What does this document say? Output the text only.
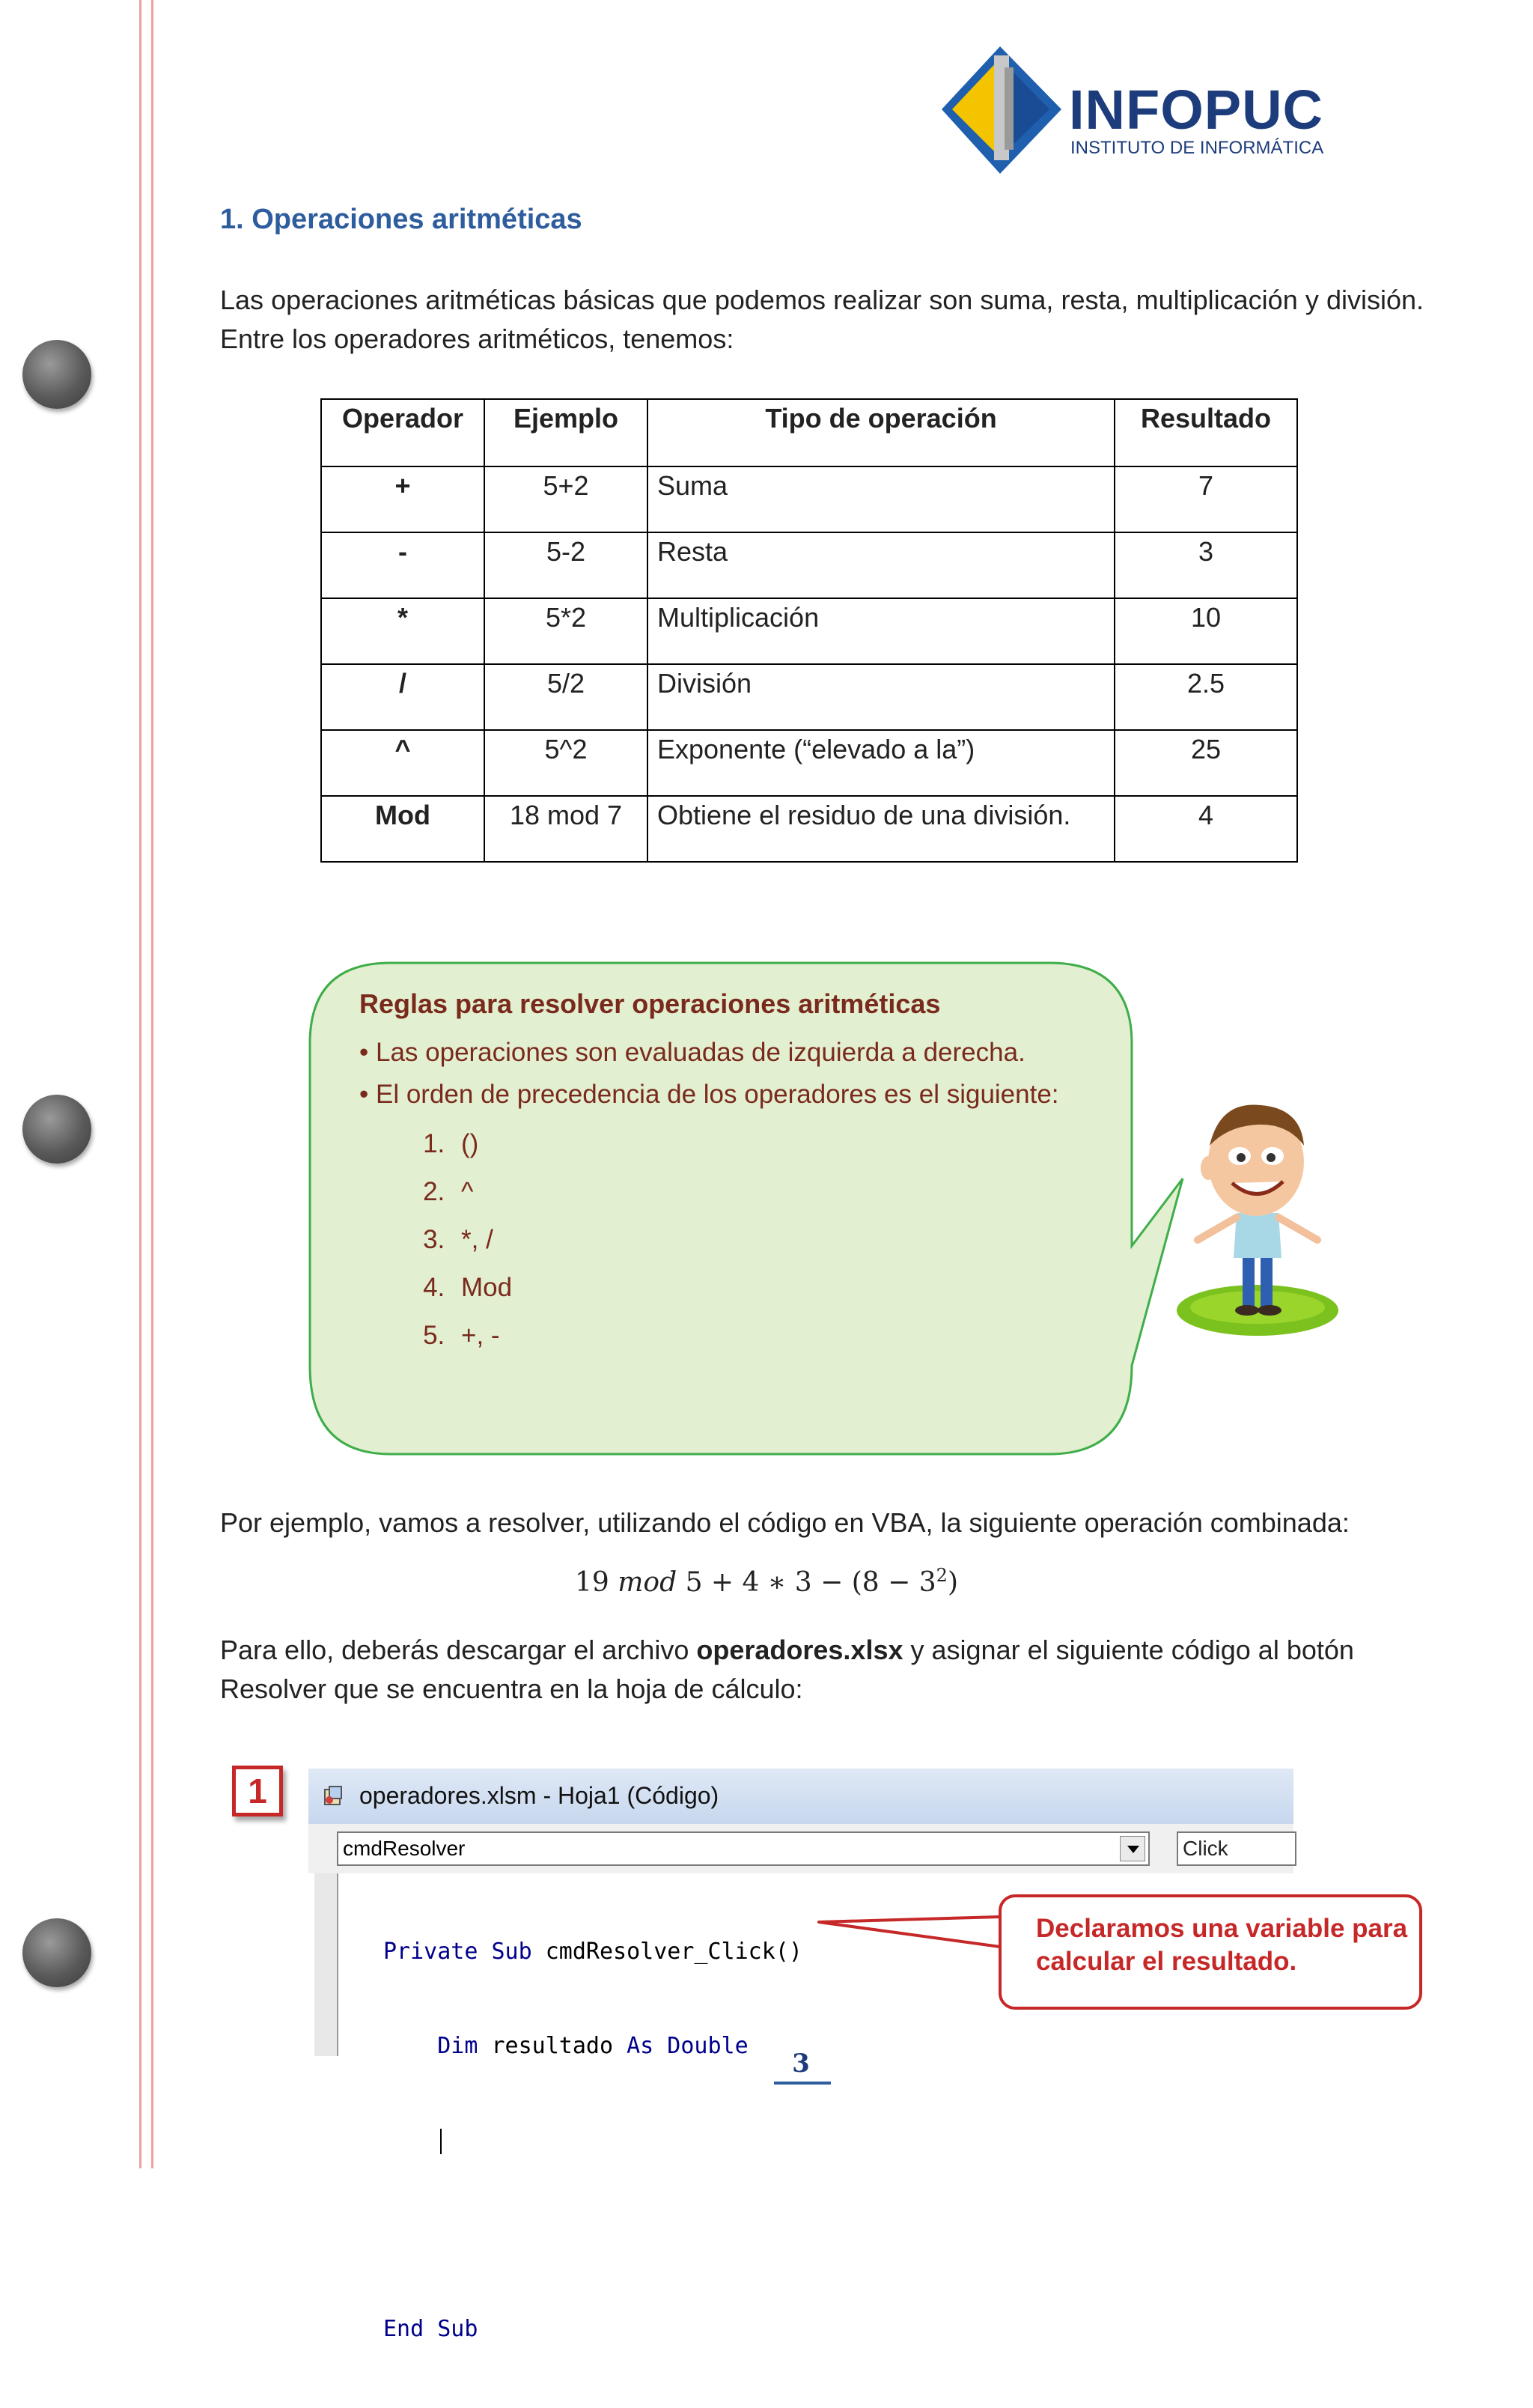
INFOPUC
INSTITUTO DE INFORMÁTICA
1. Operaciones aritméticas

Las operaciones aritméticas básicas que podemos realizar son suma, resta, multiplicación y división. Entre los operadores aritméticos, tenemos:

Operador	Ejemplo	Tipo de operación	Resultado
+	5+2	Suma	7
-	5-2	Resta	3
*	5*2	Multiplicación	10
/	5/2	División	2.5
^	5^2	Exponente (“elevado a la”)	25
Mod	18 mod 7	Obtiene el residuo de una división.	4
Reglas para resolver operaciones aritméticas

• Las operaciones son evaluadas de izquierda a derecha.

• El orden de precedencia de los operadores es el siguiente:

1. ()
2. ^
3. *, /
4. Mod
5. +, -

Por ejemplo, vamos a resolver, utilizando el código en VBA, la siguiente operación combinada:

19 mod 5 + 4 ∗ $3 - (8 - 3^2)$

Para ello, deberás descargar el archivo operadores.xlsx y asignar el siguiente código al botón Resolver que se encuentra en la hoja de cálculo:

1	operadores.xlsm - Hoja1 (Código)
cmdResolver	Click

Private Sub cmdResolver_Click()

Dim resultado As Double

End Sub

Declaramos una variable para calcular el resultado.
3
